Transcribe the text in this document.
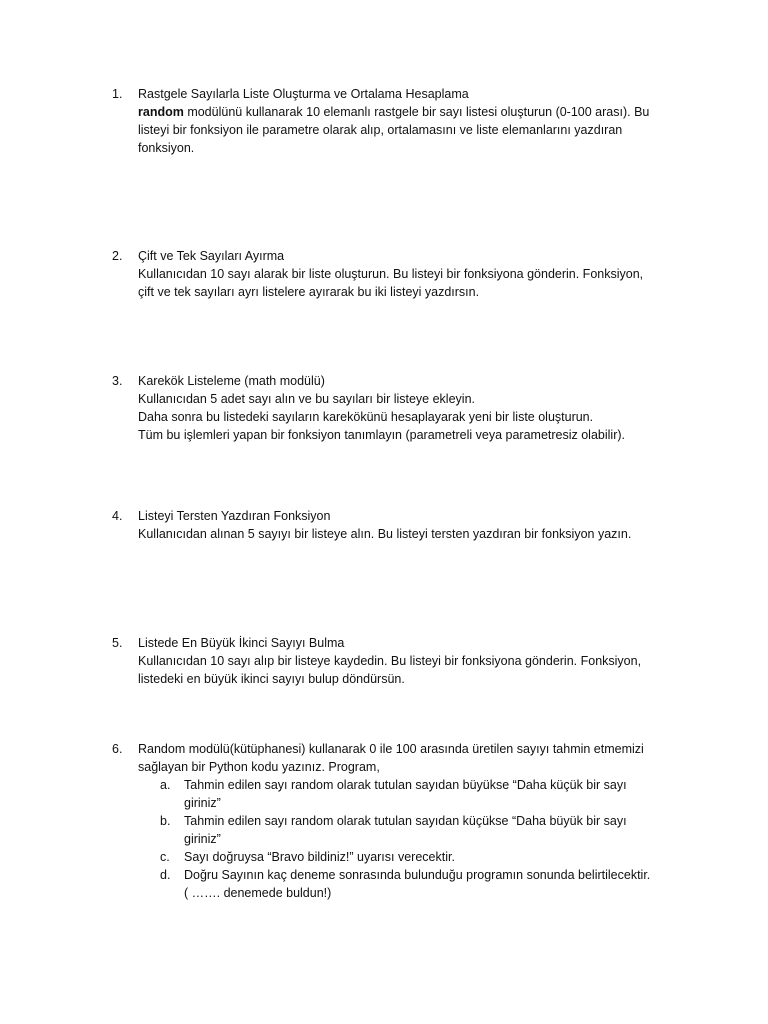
1.	Rastgele Sayılarla Liste Oluşturma ve Ortalama Hesaplama
random modülünü kullanarak 10 elemanlı rastgele bir sayı listesi oluşturun (0-100 arası). Bu
listeyi bir fonksiyon ile parametre olarak alıp, ortalamasını ve liste elemanlarını yazdıran
fonksiyon.
2.	Çift ve Tek Sayıları Ayırma
Kullanıcıdan 10 sayı alarak bir liste oluşturun. Bu listeyi bir fonksiyona gönderin. Fonksiyon,
çift ve tek sayıları ayrı listelere ayırarak bu iki listeyi yazdırsın.
3.	Karekök Listeleme (math modülü)
Kullanıcıdan 5 adet sayı alın ve bu sayıları bir listeye ekleyin.
Daha sonra bu listedeki sayıların karekökünü hesaplayarak yeni bir liste oluşturun.
Tüm bu işlemleri yapan bir fonksiyon tanımlayın (parametreli veya parametresiz olabilir).
4.	Listeyi Tersten Yazdıran Fonksiyon
Kullanıcıdan alınan 5 sayıyı bir listeye alın. Bu listeyi tersten yazdıran bir fonksiyon yazın.
5.	Listede En Büyük İkinci Sayıyı Bulma
Kullanıcıdan 10 sayı alıp bir listeye kaydedin. Bu listeyi bir fonksiyona gönderin. Fonksiyon,
listedeki en büyük ikinci sayıyı bulup döndürsün.
6.	Random modülü(kütüphanesi) kullanarak 0 ile 100 arasında üretilen sayıyı tahmin etmemizi
sağlayan bir Python kodu yazınız. Program,
a. Tahmin edilen sayı random olarak tutulan sayıdan büyükse “Daha küçük bir sayı
giriniz”
b. Tahmin edilen sayı random olarak tutulan sayıdan küçükse “Daha büyük bir sayı
giriniz”
c. Sayı doğruysa “Bravo bildiniz!” uyarısı verecektir.
d. Doğru Sayının kaç deneme sonrasında bulunduğu programın sonunda belirtilecektir.
( ……. denemede buldun!)
